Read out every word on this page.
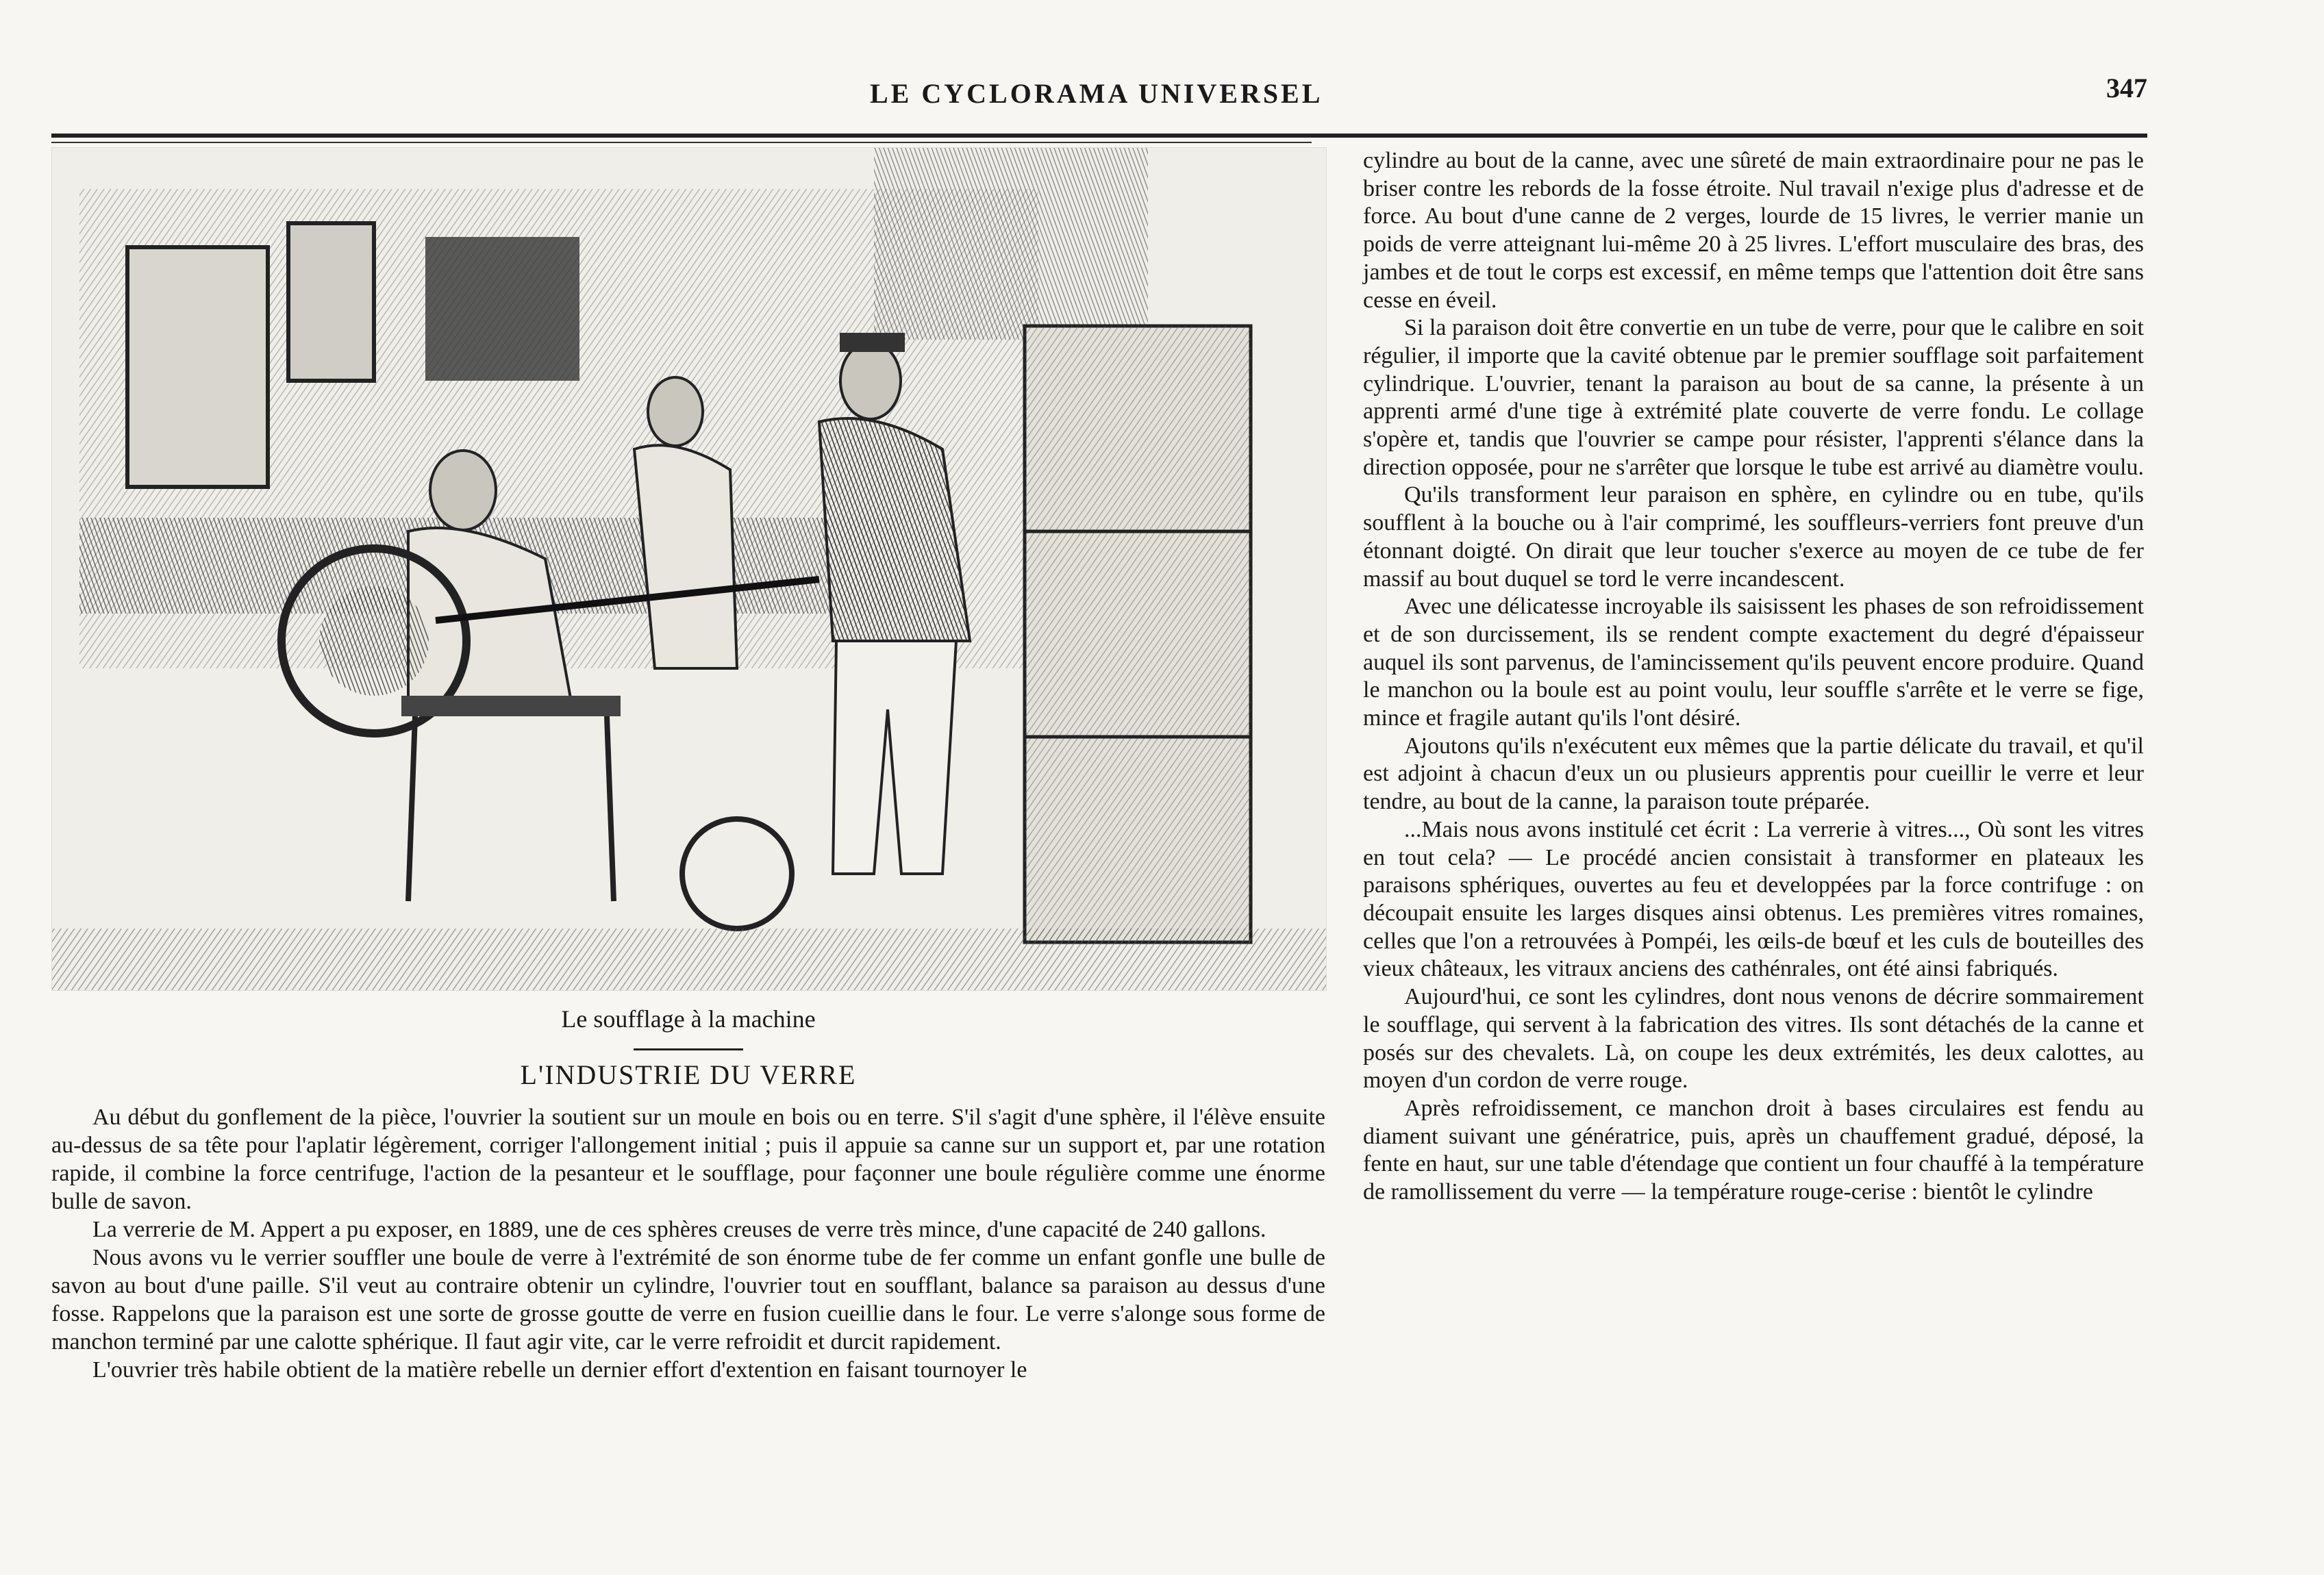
LE CYCLORAMA UNIVERSEL	347
Le soufflage à la machine
L'INDUSTRIE DU VERRE

Au début du gonflement de la pièce, l'ouvrier la soutient sur un moule en bois ou en terre. S'il s'agit d'une sphère, il l'élève ensuite au-dessus de sa tête pour l'aplatir légèrement, corriger l'allongement initial ; puis il appuie sa canne sur un support et, par une rotation rapide, il combine la force centrifuge, l'action de la pesanteur et le soufflage, pour façonner une boule régulière comme une énorme bulle de savon.

La verrerie de M. Appert a pu exposer, en 1889, une de ces sphères creuses de verre très mince, d'une capacité de 240 gallons.

Nous avons vu le verrier souffler une boule de verre à l'extrémité de son énorme tube de fer comme un enfant gonfle une bulle de savon au bout d'une paille. S'il veut au contraire obtenir un cylindre, l'ouvrier tout en soufflant, balance sa paraison au dessus d'une fosse. Rappelons que la paraison est une sorte de grosse goutte de verre en fusion cueillie dans le four. Le verre s'alonge sous forme de manchon terminé par une calotte sphérique. Il faut agir vite, car le verre refroidit et durcit rapidement.

L'ouvrier très habile obtient de la matière rebelle un dernier effort d'extention en faisant tournoyer le

cylindre au bout de la canne, avec une sûreté de main extraordinaire pour ne pas le briser contre les rebords de la fosse étroite. Nul travail n'exige plus d'adresse et de force. Au bout d'une canne de 2 verges, lourde de 15 livres, le verrier manie un poids de verre atteignant lui-même 20 à 25 livres. L'effort musculaire des bras, des jambes et de tout le corps est excessif, en même temps que l'attention doit être sans cesse en éveil.

Si la paraison doit être convertie en un tube de verre, pour que le calibre en soit régulier, il importe que la cavité obtenue par le premier soufflage soit parfaitement cylindrique. L'ouvrier, tenant la paraison au bout de sa canne, la présente à un apprenti armé d'une tige à extrémité plate couverte de verre fondu. Le collage s'opère et, tandis que l'ouvrier se campe pour résister, l'apprenti s'élance dans la direction opposée, pour ne s'arrêter que lorsque le tube est arrivé au diamètre voulu.

Qu'ils transforment leur paraison en sphère, en cylindre ou en tube, qu'ils soufflent à la bouche ou à l'air comprimé, les souffleurs-verriers font preuve d'un étonnant doigté. On dirait que leur toucher s'exerce au moyen de ce tube de fer massif au bout duquel se tord le verre incandescent.

Avec une délicatesse incroyable ils saisissent les phases de son refroidissement et de son durcissement, ils se rendent compte exactement du degré d'épaisseur auquel ils sont parvenus, de l'amincissement qu'ils peuvent encore produire. Quand le manchon ou la boule est au point voulu, leur souffle s'arrête et le verre se fige, mince et fragile autant qu'ils l'ont désiré.

Ajoutons qu'ils n'exécutent eux mêmes que la partie délicate du travail, et qu'il est adjoint à chacun d'eux un ou plusieurs apprentis pour cueillir le verre et leur tendre, au bout de la canne, la paraison toute préparée.

...Mais nous avons institulé cet écrit : La verrerie à vitres..., Où sont les vitres en tout cela? — Le procédé ancien consistait à transformer en plateaux les paraisons sphériques, ouvertes au feu et developpées par la force contrifuge : on découpait ensuite les larges disques ainsi obtenus. Les premières vitres romaines, celles que l'on a retrouvées à Pompéi, les œils-de bœuf et les culs de bouteilles des vieux châteaux, les vitraux anciens des cathénrales, ont été ainsi fabriqués.

Aujourd'hui, ce sont les cylindres, dont nous venons de décrire sommairement le soufflage, qui servent à la fabrication des vitres. Ils sont détachés de la canne et posés sur des chevalets. Là, on coupe les deux extrémités, les deux calottes, au moyen d'un cordon de verre rouge.

Après refroidissement, ce manchon droit à bases circulaires est fendu au diament suivant une génératrice, puis, après un chauffement gradué, déposé, la fente en haut, sur une table d'étendage que contient un four chauffé à la température de ramollissement du verre — la température rouge-cerise : bientôt le cylindre
